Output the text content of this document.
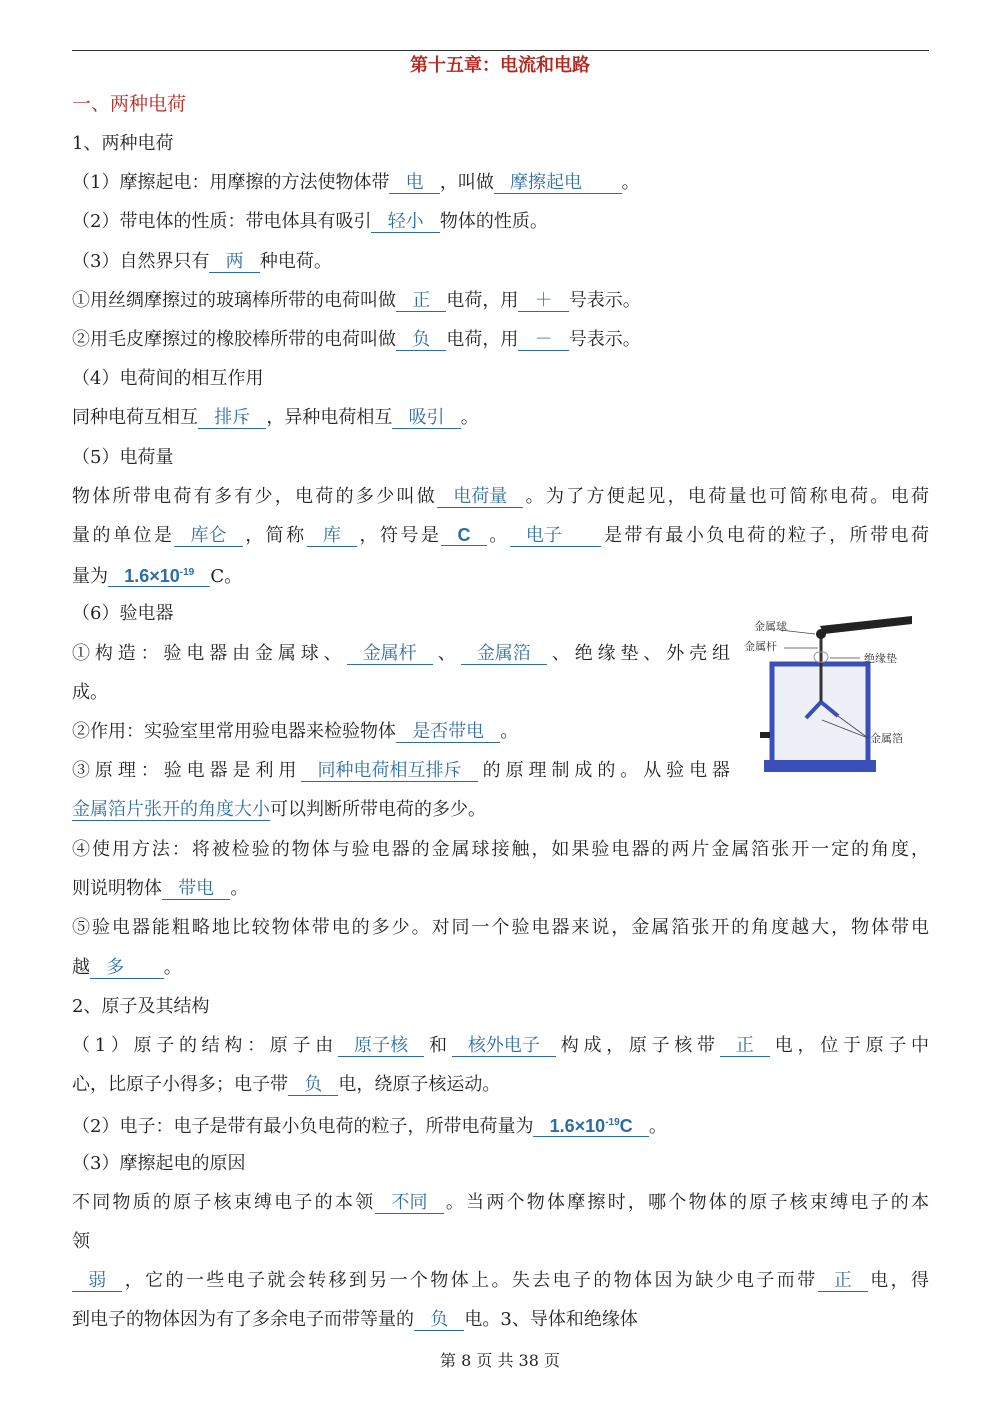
第十五章：电流和电路
一、两种电荷
1、两种电荷
（1）摩擦起电：用摩擦的方法使物体带 电 ，叫做 摩擦起电 。
（2）带电体的性质：带电体具有吸引 轻小 物体的性质。
（3）自然界只有 两 种电荷。
①用丝绸摩擦过的玻璃棒所带的电荷叫做 正 电荷，用 ＋ 号表示。
②用毛皮摩擦过的橡胶棒所带的电荷叫做 负 电荷，用 － 号表示。
（4）电荷间的相互作用
同种电荷互相互 排斥 ，异种电荷相互 吸引 。
（5）电荷量
物体所带电荷有多有少，电荷的多少叫做 电荷量 。为了方便起见，电荷量也可简称电荷。电荷
量的单位是 库仑 ，简称 库 ，符号是 C 。 电子 是带有最小负电荷的粒子，所带电荷
量为 $1.6\times 10^{-19}$ C。
（6）验电器
①构造：验电器由金属球、 金属杆 、 金属箔 、绝缘垫、外壳组
成。
②作用：实验室里常用验电器来检验物体 是否带电 。
③原理：验电器是利用 同种电荷相互排斥 的原理制成的。从验电器
金属箔片张开的角度大小可以判断所带电荷的多少。
④使用方法：将被检验的物体与验电器的金属球接触，如果验电器的两片金属箔张开一定的角度，
则说明物体 带电 。
⑤验电器能粗略地比较物体带电的多少。对同一个验电器来说，金属箔张开的角度越大，物体带电
越 多 。
2、原子及其结构
（1）原子的结构：原子由 原子核 和 核外电子 构成，原子核带 正 电，位于原子中
心，比原子小得多；电子带 负 电，绕原子核运动。
（2）电子：电子是带有最小负电荷的粒子，所带电荷量为 $1.6\times 10^{-19}C$ 。
（3）摩擦起电的原因
不同物质的原子核束缚电子的本领 不同 。当两个物体摩擦时，哪个物体的原子核束缚电子的本
领
弱 ，它的一些电子就会转移到另一个物体上。失去电子的物体因为缺少电子而带 正 电，得
到电子的物体因为有了多余电子而带等量的 负 电。3、导体和绝缘体
金属球
金属杆
绝缘垫
金属箔
第 8 页 共 38 页
